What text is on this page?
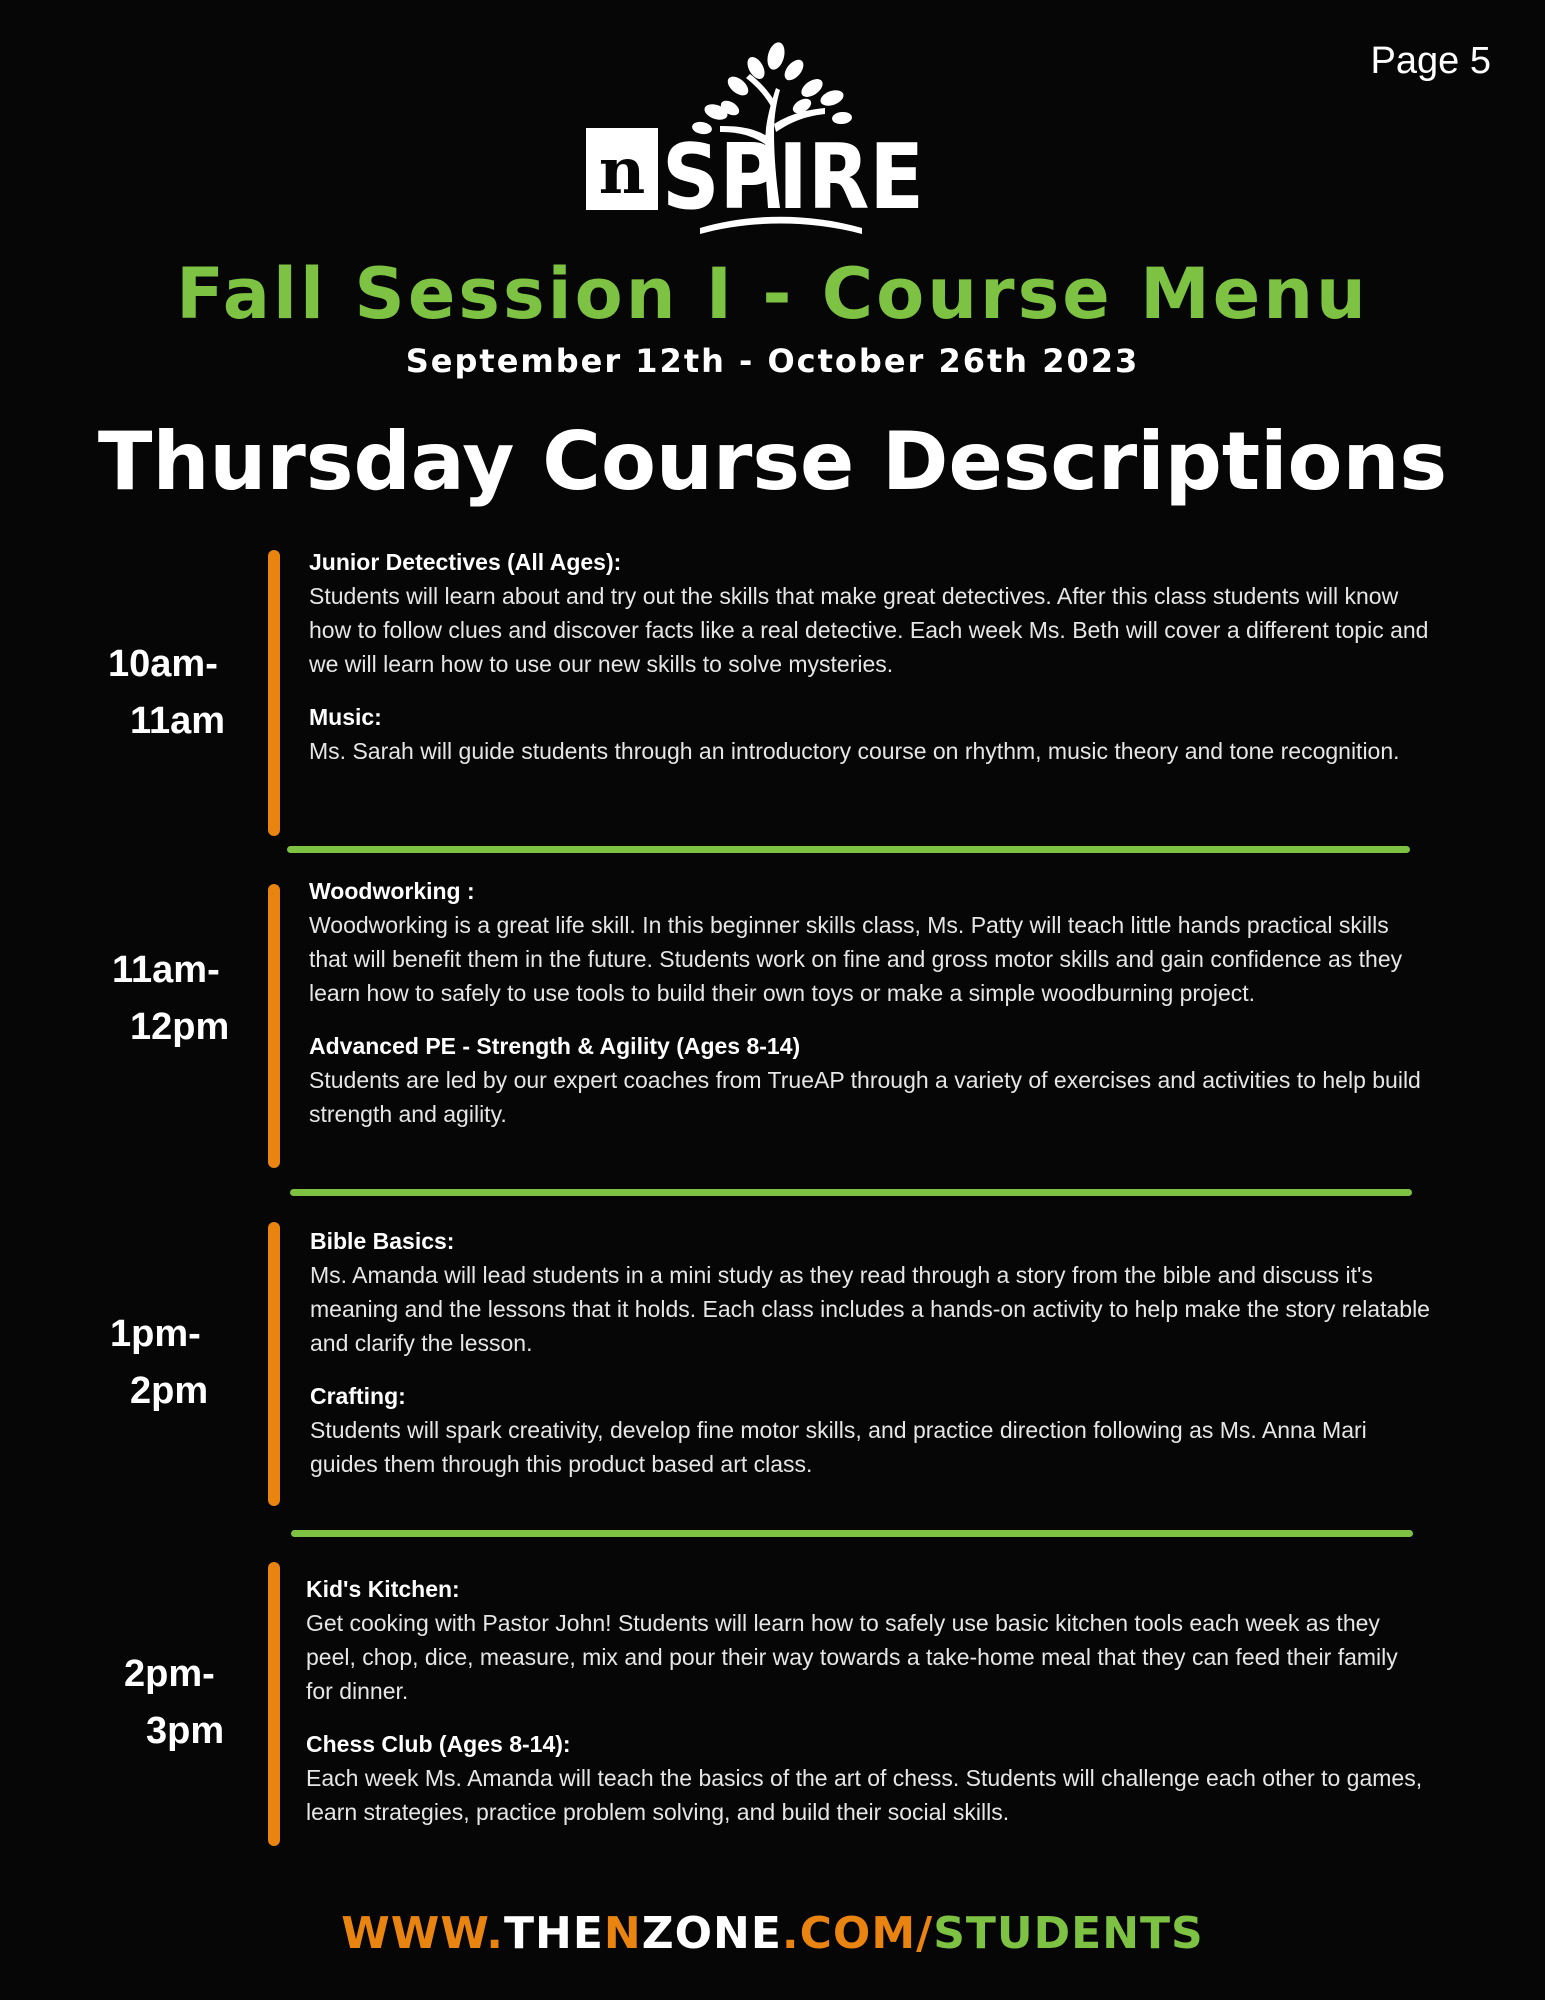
Page 5
n SPIRE
Fall Session I - Course Menu
September 12th - October 26th 2023
Thursday Course Descriptions
10am-
11am
Junior Detectives (All Ages):
Students will learn about and try out the skills that make great detectives. After this class students will know how to follow clues and discover facts like a real detective. Each week Ms. Beth will cover a different topic and we will learn how to use our new skills to solve mysteries.
Music:
Ms. Sarah will guide students through an introductory course on rhythm, music theory and tone recognition.
11am-
12pm
Woodworking :
Woodworking is a great life skill. In this beginner skills class, Ms. Patty will teach little hands practical skills that will benefit them in the future. Students work on fine and gross motor skills and gain confidence as they learn how to safely to use tools to build their own toys or make a simple woodburning project.
Advanced PE - Strength & Agility (Ages 8-14)
Students are led by our expert coaches from TrueAP through a variety of exercises and activities to help build strength and agility.
1pm-
2pm
Bible Basics:
Ms. Amanda will lead students in a mini study as they read through a story from the bible and discuss it's meaning and the lessons that it holds. Each class includes a hands-on activity to help make the story relatable and clarify the lesson.
Crafting:
Students will spark creativity, develop fine motor skills, and practice direction following as Ms. Anna Mari guides them through this product based art class.
2pm-
3pm
Kid's Kitchen:
Get cooking with Pastor John! Students will learn how to safely use basic kitchen tools each week as they peel, chop, dice, measure, mix and pour their way towards a take-home meal that they can feed their family for dinner.
Chess Club (Ages 8-14):
Each week Ms. Amanda will teach the basics of the art of chess. Students will challenge each other to games, learn strategies, practice problem solving, and build their social skills.
WWW.THENZONE.COM/STUDENTS
